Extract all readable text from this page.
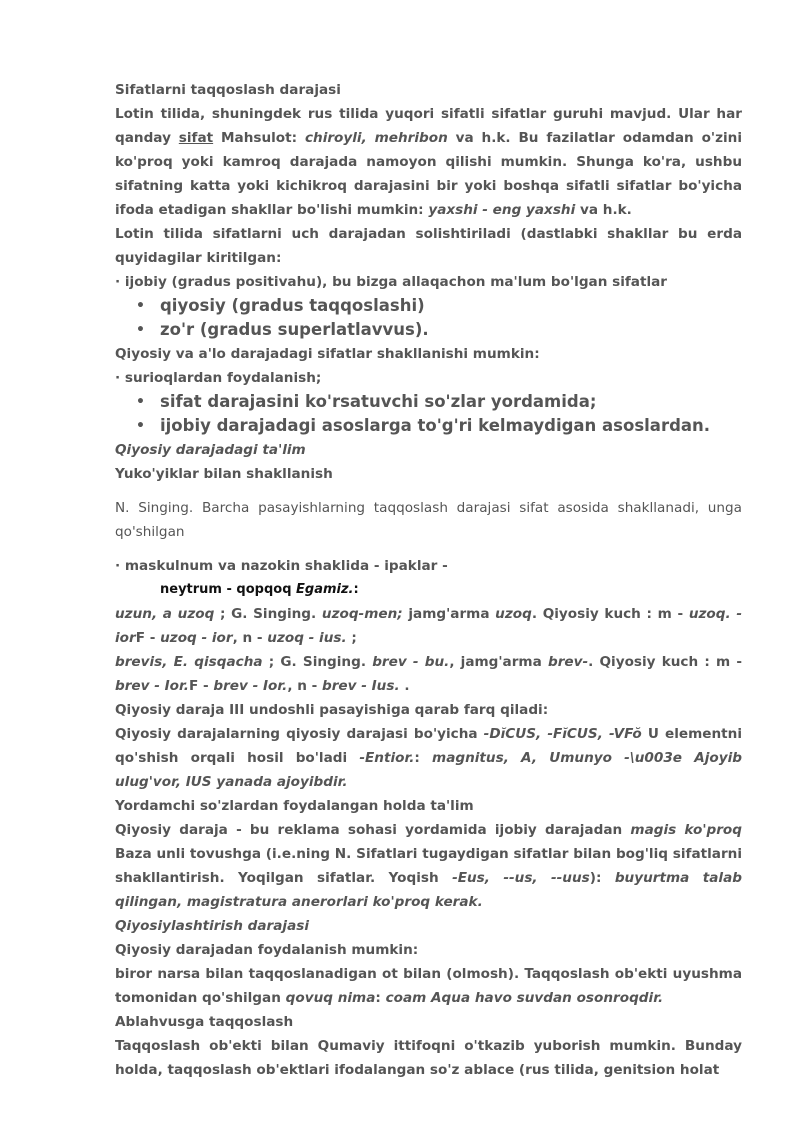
Sifatlarni taqqoslash darajasi

Lotin tilida, shuningdek rus tilida yuqori sifatli sifatlar guruhi mavjud. Ular har qanday sifat Mahsulot: chiroyli, mehribon va h.k. Bu fazilatlar odamdan o'zini ko'proq yoki kamroq darajada namoyon qilishi mumkin. Shunga ko'ra, ushbu sifatning katta yoki kichikroq darajasini bir yoki boshqa sifatli sifatlar bo'yicha ifoda etadigan shakllar bo'lishi mumkin: yaxshi - eng yaxshi va h.k.

Lotin tilida sifatlarni uch darajadan solishtiriladi (dastlabki shakllar bu erda quyidagilar kiritilgan:

· ijobiy (gradus positivahu), bu bizga allaqachon ma'lum bo'lgan sifatlar

• qiyosiy (gradus taqqoslashi)
• zo'r (gradus superlatlavvus).

Qiyosiy va a'lo darajadagi sifatlar shakllanishi mumkin:

· surioqlardan foydalanish;

• sifat darajasini ko'rsatuvchi so'zlar yordamida;
• ijobiy darajadagi asoslarga to'g'ri kelmaydigan asoslardan.

Qiyosiy darajadagi ta'lim

Yuko'yiklar bilan shakllanish

N. Singing. Barcha pasayishlarning taqqoslash darajasi sifat asosida shakllanadi, unga qo'shilgan

· maskulnum va nazokin shaklida - ipaklar -

neytrum - qopqoq Egamiz.:

uzun, a uzoq ; G. Singing. uzoq-men; jamg'arma uzoq. Qiyosiy kuch : m - uzoq. - iorF - uzoq - ior, n - uzoq - ius. ;

brevis, E. qisqacha ; G. Singing. brev - bu., jamg'arma brev-. Qiyosiy kuch : m - brev - Ior.F - brev - Ior., n - brev - Ius. .

Qiyosiy daraja III undoshli pasayishiga qarab farq qiladi:

Qiyosiy darajalarning qiyosiy darajasi bo'yicha -DĭCUS, -FĭCUS, -VFŏ U elementni qo'shish orqali hosil bo'ladi -Entior.: magnitus, A, Umunyo -\u003e Ajoyib ulug'vor, IUS yanada ajoyibdir.

Yordamchi so'zlardan foydalangan holda ta'lim

Qiyosiy daraja - bu reklama sohasi yordamida ijobiy darajadan magis ko'proq Baza unli tovushga (i.e.ning N. Sifatlari tugaydigan sifatlar bilan bog'liq sifatlarni shakllantirish. Yoqilgan sifatlar. Yoqish -Eus, --us, --uus): buyurtma talab qilingan, magistratura anerorlari ko'proq kerak.

Qiyosiylashtirish darajasi

Qiyosiy darajadan foydalanish mumkin:

biror narsa bilan taqqoslanadigan ot bilan (olmosh). Taqqoslash ob'ekti uyushma tomonidan qo'shilgan qovuq nima: coam Aqua havo suvdan osonroqdir.

Ablahvusga taqqoslash

Taqqoslash ob'ekti bilan Qumaviy ittifoqni o'tkazib yuborish mumkin. Bunday holda, taqqoslash ob'ektlari ifodalangan so'z ablace (rus tilida, genitsion holat
